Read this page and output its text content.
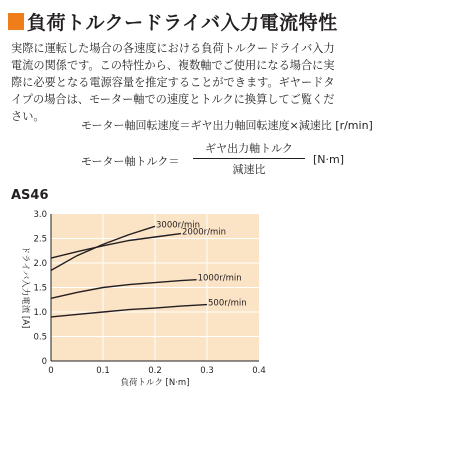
負荷トルクードライバ入力電流特性
実際に運転した場合の各速度における負荷トルクードライバ入力
電流の関係です。この特性から、複数軸でご使用になる場合に実
際に必要となる電源容量を推定することができます。ギヤードタ
イプの場合は、モーター軸での速度とトルクに換算してご覧くだ
さい。
モーター軸回転速度＝ギヤ出力軸回転速度×減速比 [r/min]
モーター軸トルク＝
ギヤ出力軸トルク
減速比
[N·m]
AS46
3000r/min
2000r/min
1000r/min
500r/min
0	0.1	0.2	0.3	0.4
0
0.5
1.0
1.5
2.0
2.5
3.0
負荷トルク [N·m]
ドライバ入力電流 [A]
